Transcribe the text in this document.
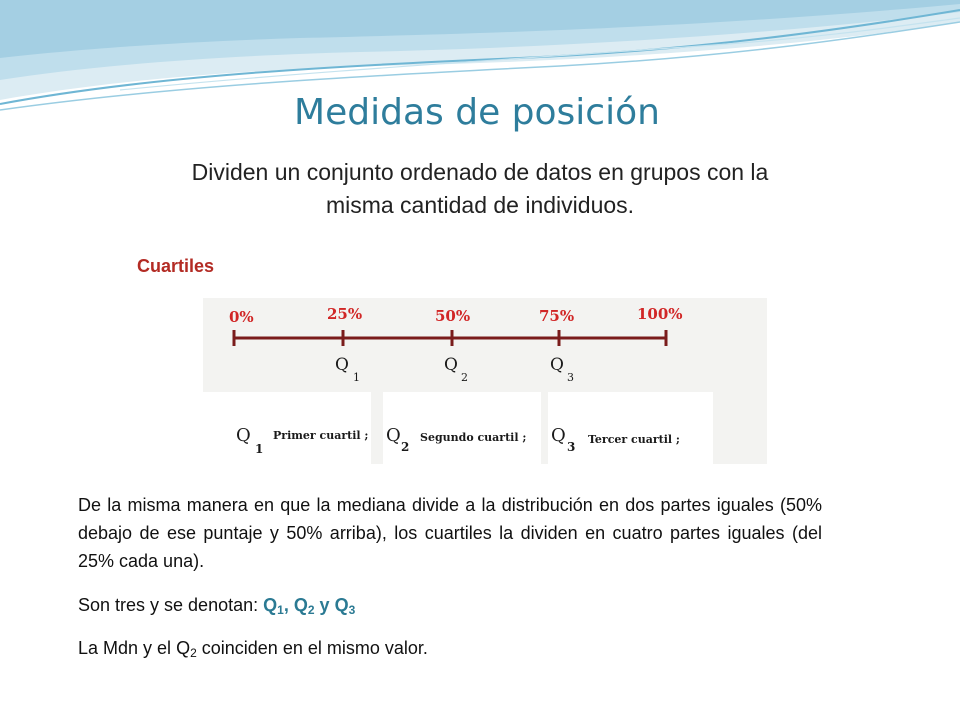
Medidas de posición
Dividen un conjunto ordenado de datos en grupos con la misma cantidad de individuos.
Cuartiles
0%	25%	50%	75%	100%
Q
1
Q
2
Q
3
Q
1
Primer cuartil ; Q
2
Segundo cuartil ; Q
3
Tercer cuartil ;
De la misma manera en que la mediana divide a la distribución en dos partes iguales (50% debajo de ese puntaje y 50% arriba), los cuartiles la dividen en cuatro partes iguales (del 25% cada una).
Son tres y se denotan: $Q_1$, $Q_2$ y $Q_3$
La Mdn y el $Q_2$ coinciden en el mismo valor.
